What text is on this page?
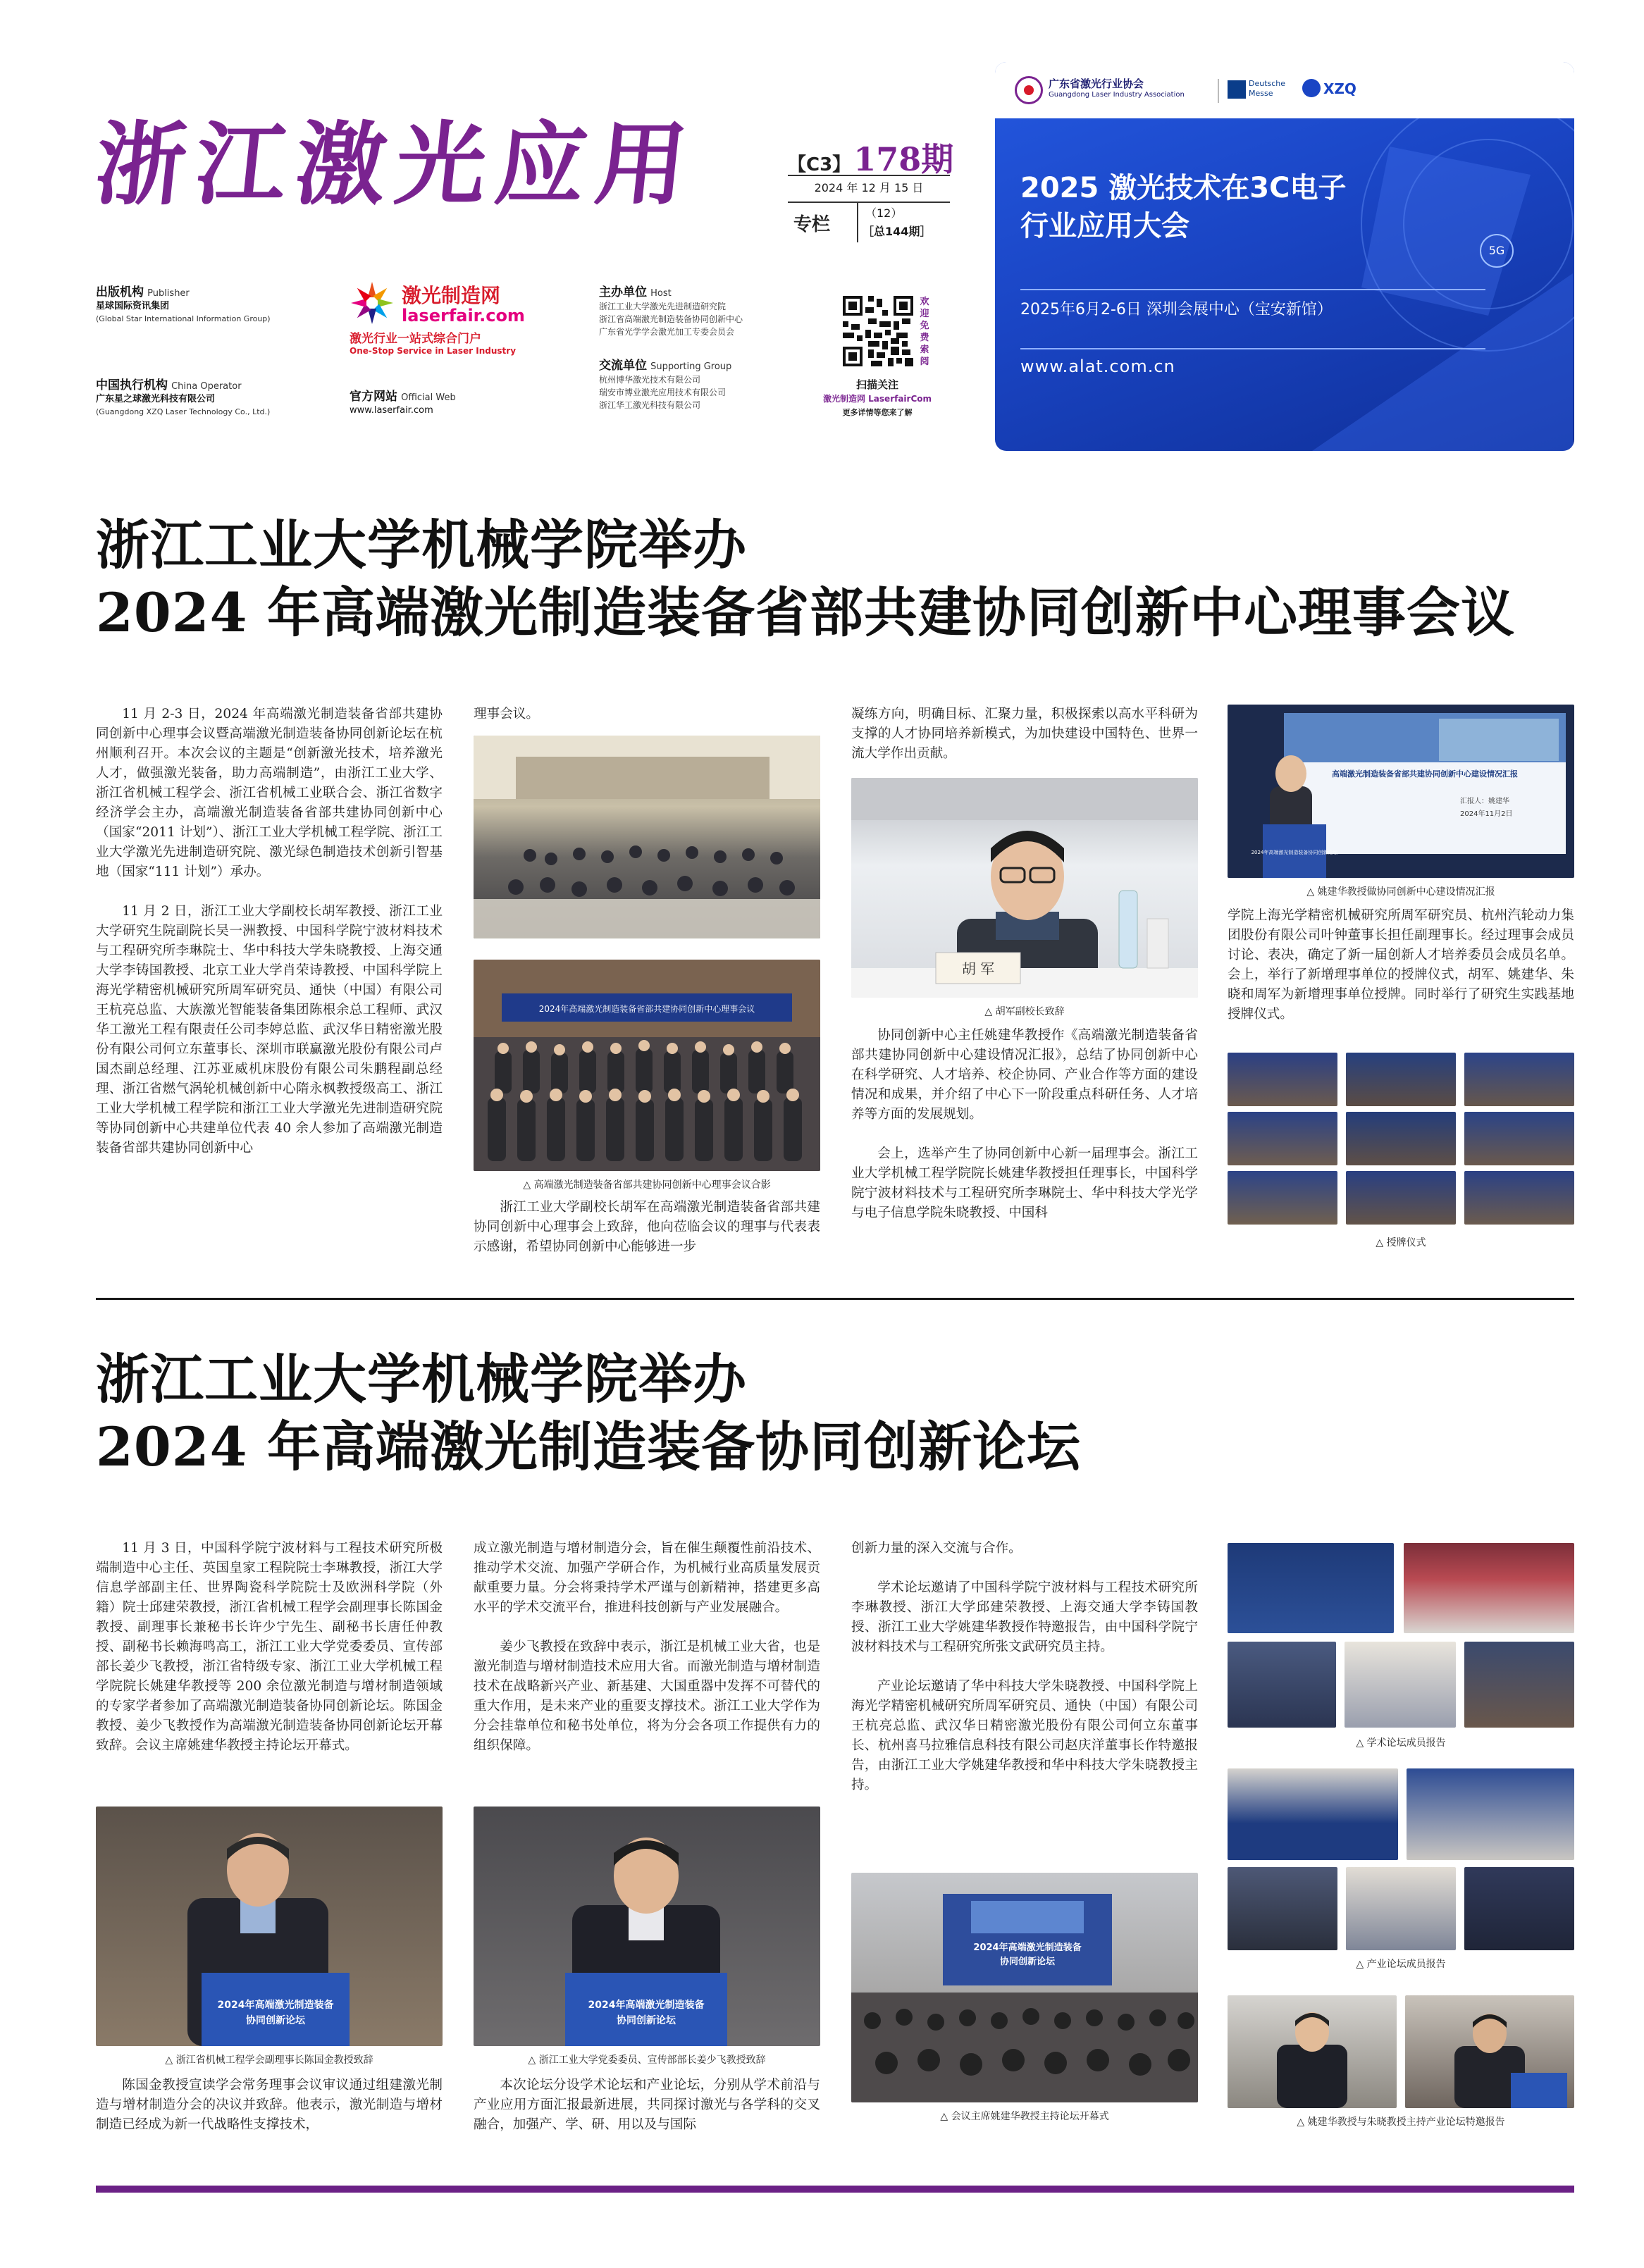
浙江激光应用	【C3】 178期
2024 年 12 月 15 日
专栏
（12）
［总144期］
出版机构 Publisher
星球国际资讯集团
(Global Star International Information Group)
中国执行机构 China Operator
广东星之球激光科技有限公司
(Guangdong XZQ Laser Technology Co., Ltd.)
激光制造网
laserfair.com
激光行业一站式综合门户
One-Stop Service in Laser Industry
官方网站 Official Web
www.laserfair.com
主办单位 Host
浙江工业大学激光先进制造研究院
浙江省高端激光制造装备协同创新中心
广东省光学学会激光加工专委会员会
交流单位 Supporting Group
杭州博华激光技术有限公司
瑞安市博业激光应用技术有限公司
浙江华工激光科技有限公司
欢迎免费索阅
扫描关注
激光制造网 LaserfairCom
更多详情等您来了解
广东省激光行业协会
Guangdong Laser Industry Association
Deutsche Messe	XZQ
2025 激光技术在3C电子
行业应用大会
2025年6月2-6日 深圳会展中心（宝安新馆）
www.alat.com.cn
5G
浙江工业大学机械学院举办
2024 年高端激光制造装备省部共建协同创新中心理事会议

11 月 2-3 日，2024 年高端激光制造装备省部共建协同创新中心理事会议暨高端激光制造装备协同创新论坛在杭州顺利召开。本次会议的主题是“创新激光技术，培养激光人才，做强激光装备，助力高端制造”，由浙江工业大学、浙江省机械工程学会、浙江省机械工业联合会、浙江省数字经济学会主办，高端激光制造装备省部共建协同创新中心（国家“2011 计划”）、浙江工业大学机械工程学院、浙江工业大学激光先进制造研究院、激光绿色制造技术创新引智基地（国家“111 计划”）承办。

11 月 2 日，浙江工业大学副校长胡军教授、浙江工业大学研究生院副院长吴一洲教授、中国科学院宁波材料技术与工程研究所李琳院士、华中科技大学朱晓教授、上海交通大学李铸国教授、北京工业大学肖荣诗教授、中国科学院上海光学精密机械研究所周军研究员、通快（中国）有限公司王杭亮总监、大族激光智能装备集团陈根余总工程师、武汉华工激光工程有限责任公司李婷总监、武汉华日精密激光股份有限公司何立东董事长、深圳市联赢激光股份有限公司卢国杰副总经理、江苏亚威机床股份有限公司朱鹏程副总经理、浙江省燃气涡轮机械创新中心隋永枫教授级高工、浙江工业大学机械工程学院和浙江工业大学激光先进制造研究院等协同创新中心共建单位代表 40 余人参加了高端激光制造装备省部共建协同创新中心

理事会议。

2024年高端激光制造装备省部共建协同创新中心理事会议
△ 高端激光制造装备省部共建协同创新中心理事会议合影

浙江工业大学副校长胡军在高端激光制造装备省部共建协同创新中心理事会上致辞，他向莅临会议的理事与代表表示感谢，希望协同创新中心能够进一步

凝练方向，明确目标、汇聚力量，积极探索以高水平科研为支撑的人才协同培养新模式，为加快建设中国特色、世界一流大学作出贡献。

胡 军
△ 胡军副校长致辞

协同创新中心主任姚建华教授作《高端激光制造装备省部共建协同创新中心建设情况汇报》，总结了协同创新中心在科学研究、人才培养、校企协同、产业合作等方面的建设情况和成果，并介绍了中心下一阶段重点科研任务、人才培养等方面的发展规划。

会上，选举产生了协同创新中心新一届理事会。浙江工业大学机械工程学院院长姚建华教授担任理事长，中国科学院宁波材料技术与工程研究所李琳院士、华中科技大学光学与电子信息学院朱晓教授、中国科

高端激光制造装备省部共建协同创新中心建设情况汇报
汇报人：姚建华
2024年11月2日
2024年高端激光制造装备协同创新论坛
△ 姚建华教授做协同创新中心建设情况汇报

学院上海光学精密机械研究所周军研究员、杭州汽轮动力集团股份有限公司叶钟董事长担任副理事长。经过理事会成员讨论、表决，确定了新一届创新人才培养委员会成员名单。会上，举行了新增理事单位的授牌仪式，胡军、姚建华、朱晓和周军为新增理事单位授牌。同时举行了研究生实践基地授牌仪式。

△ 授牌仪式
浙江工业大学机械学院举办
2024 年高端激光制造装备协同创新论坛

11 月 3 日，中国科学院宁波材料与工程技术研究所极端制造中心主任、英国皇家工程院院士李琳教授，浙江大学信息学部副主任、世界陶瓷科学院院士及欧洲科学院（外籍）院士邱建荣教授，浙江省机械工程学会副理事长陈国金教授、副理事长兼秘书长许少宁先生、副秘书长唐任仲教授、副秘书长赖海鸣高工，浙江工业大学党委委员、宣传部部长姜少飞教授，浙江省特级专家、浙江工业大学机械工程学院院长姚建华教授等 200 余位激光制造与增材制造领域的专家学者参加了高端激光制造装备协同创新论坛。陈国金教授、姜少飞教授作为高端激光制造装备协同创新论坛开幕致辞。会议主席姚建华教授主持论坛开幕式。

2024年高端激光制造装备
协同创新论坛
△ 浙江省机械工程学会副理事长陈国金教授致辞

陈国金教授宣读学会常务理事会议审议通过组建激光制造与增材制造分会的决议并致辞。他表示，激光制造与增材制造已经成为新一代战略性支撑技术，

成立激光制造与增材制造分会，旨在催生颠覆性前沿技术、推动学术交流、加强产学研合作，为机械行业高质量发展贡献重要力量。分会将秉持学术严谨与创新精神，搭建更多高水平的学术交流平台，推进科技创新与产业发展融合。

姜少飞教授在致辞中表示，浙江是机械工业大省，也是激光制造与增材制造技术应用大省。而激光制造与增材制造技术在战略新兴产业、新基建、大国重器中发挥不可替代的重大作用，是未来产业的重要支撑技术。浙江工业大学作为分会挂靠单位和秘书处单位，将为分会各项工作提供有力的组织保障。

2024年高端激光制造装备
协同创新论坛
△ 浙江工业大学党委委员、宣传部部长姜少飞教授致辞

本次论坛分设学术论坛和产业论坛，分别从学术前沿与产业应用方面汇报最新进展，共同探讨激光与各学科的交叉融合，加强产、学、研、用以及与国际

创新力量的深入交流与合作。

学术论坛邀请了中国科学院宁波材料与工程技术研究所李琳教授、浙江大学邱建荣教授、上海交通大学李铸国教授、浙江工业大学姚建华教授作特邀报告，由中国科学院宁波材料技术与工程研究所张文武研究员主持。

产业论坛邀请了华中科技大学朱晓教授、中国科学院上海光学精密机械研究所周军研究员、通快（中国）有限公司王杭亮总监、武汉华日精密激光股份有限公司何立东董事长、杭州喜马拉雅信息科技有限公司赵庆洋董事长作特邀报告，由浙江工业大学姚建华教授和华中科技大学朱晓教授主持。

2024年高端激光制造装备
协同创新论坛
△ 会议主席姚建华教授主持论坛开幕式
△ 学术论坛成员报告
△ 产业论坛成员报告
△ 姚建华教授与朱晓教授主持产业论坛特邀报告
